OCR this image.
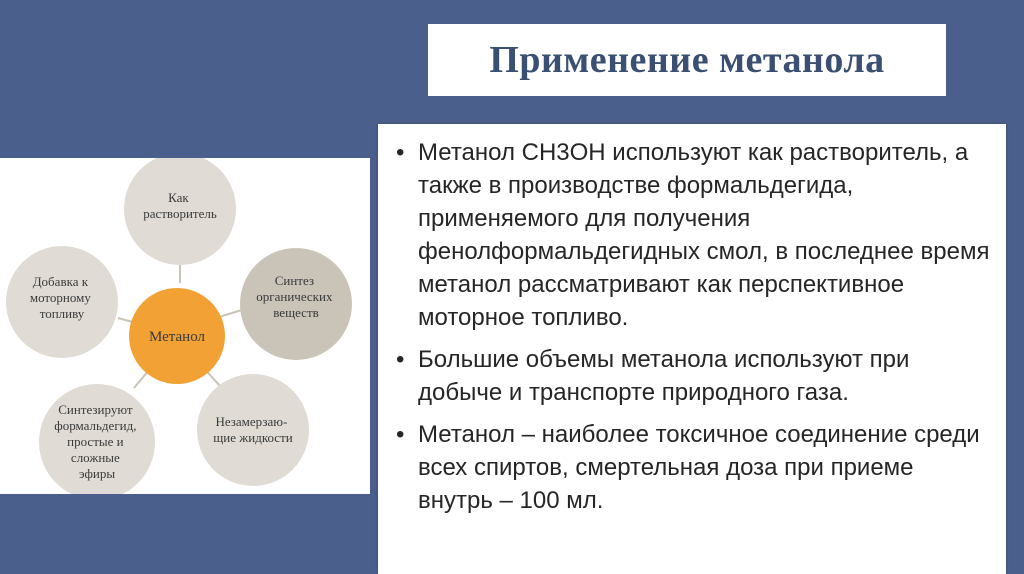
Применение метанола
Как растворитель
Синтез органических веществ
Незамерзаю- щие жидкости
Синтезируют формальдегид, простые и сложные эфиры
Добавка к моторному топливу
Метанол
• Метанол СН3ОН используют как растворитель, а также в производстве формальдегида, применяемого для получения фенолформальдегидных смол, в последнее время метанол рассматривают как перспективное моторное топливо.
• Большие объемы метанола используют при добыче и транспорте природного газа.
• Метанол – наиболее токсичное соединение среди всех спиртов, смертельная доза при приеме внутрь – 100 мл.
